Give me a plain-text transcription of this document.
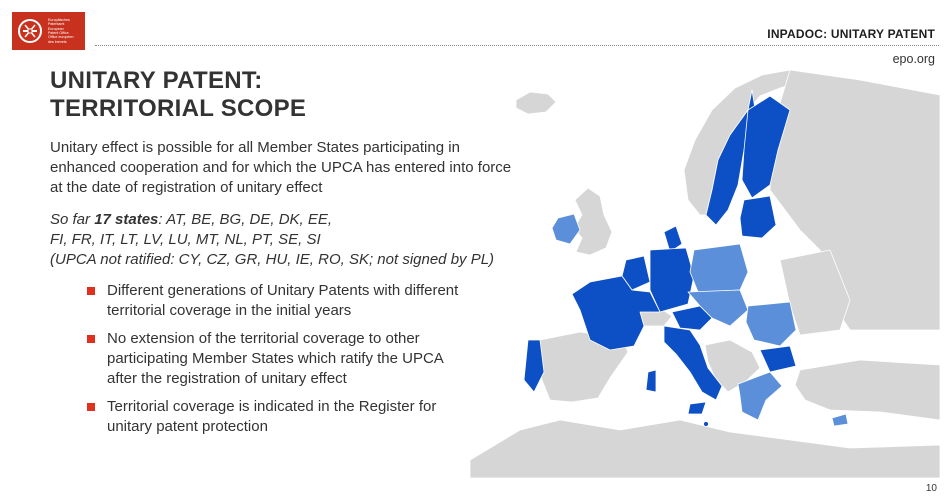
Europäisches
Patentamt
European
Patent Office
Office européen
des brevets
INPADOC: UNITARY PATENT
epo.org
UNITARY PATENT:
TERRITORIAL SCOPE
Unitary effect is possible for all Member States participating in enhanced cooperation and for which the UPCA has entered into force at the date of registration of unitary effect
So far 17 states: AT, BE, BG, DE, DK, EE,
FI, FR, IT, LT, LV, LU, MT, NL, PT, SE, SI
(UPCA not ratified: CY, CZ, GR, HU, IE, RO, SK; not signed by PL)
Different generations of Unitary Patents with different territorial coverage in the initial years
No extension of the territorial coverage to other participating Member States which ratify the UPCA after the registration of unitary effect
Territorial coverage is indicated in the Register for unitary patent protection
10
